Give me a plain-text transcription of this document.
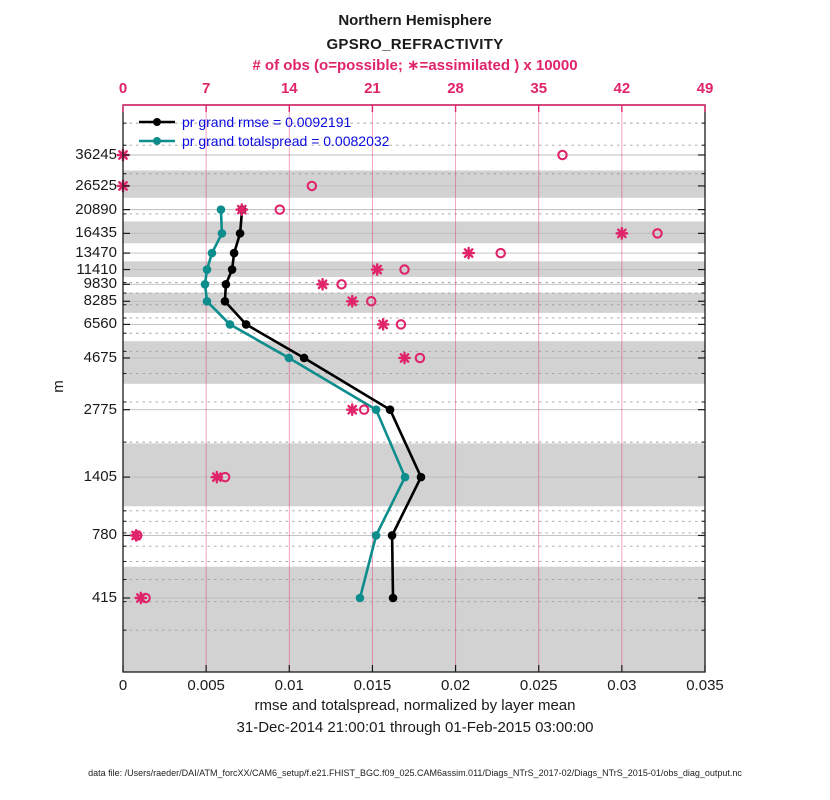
Northern Hemisphere
GPSRO_REFRACTIVITY
# of obs (o=possible; ∗=assimilated ) x 10000
0	7	14	21	28	35	42	49
0	0.005	0.01	0.015	0.02	0.025	0.03	0.035
36245
26525
20890
16435
13470
11410
9830
8285
6560
4675
2775
1405
780
415
pr grand rmse = 0.0092191
pr grand totalspread = 0.0082032
m
rmse and totalspread, normalized by layer mean
31-Dec-2014 21:00:01 through 01-Feb-2015 03:00:00
data file: /Users/raeder/DAI/ATM_forcXX/CAM6_setup/f.e21.FHIST_BGC.f09_025.CAM6assim.011/Diags_NTrS_2017-02/Diags_NTrS_2015-01/obs_diag_output.nc
